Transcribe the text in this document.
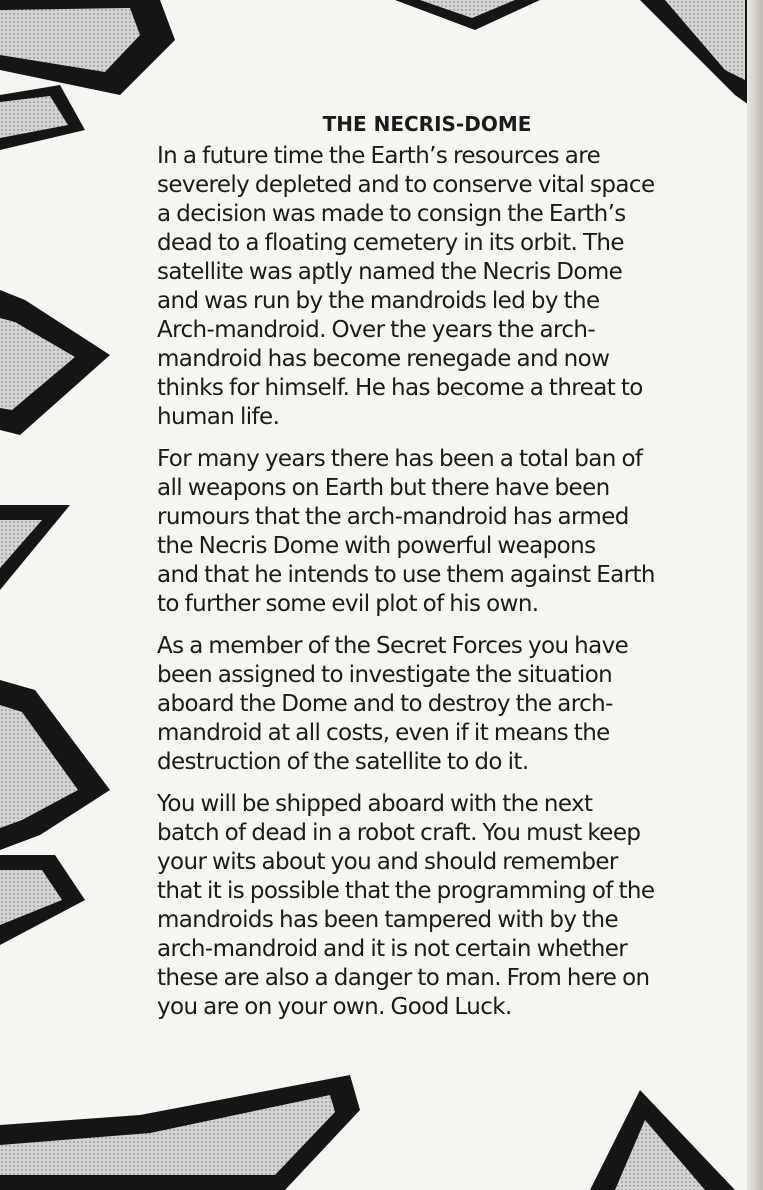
THE NECRIS-DOME

In a future time the Earth’s resources are
severely depleted and to conserve vital space
a decision was made to consign the Earth’s
dead to a floating cemetery in its orbit. The
satellite was aptly named the Necris Dome
and was run by the mandroids led by the
Arch-mandroid. Over the years the arch-
mandroid has become renegade and now
thinks for himself. He has become a threat to
human life.

For many years there has been a total ban of
all weapons on Earth but there have been
rumours that the arch-mandroid has armed
the Necris Dome with powerful weapons
and that he intends to use them against Earth
to further some evil plot of his own.

As a member of the Secret Forces you have
been assigned to investigate the situation
aboard the Dome and to destroy the arch-
mandroid at all costs, even if it means the
destruction of the satellite to do it.

You will be shipped aboard with the next
batch of dead in a robot craft. You must keep
your wits about you and should remember
that it is possible that the programming of the
mandroids has been tampered with by the
arch-mandroid and it is not certain whether
these are also a danger to man. From here on
you are on your own. Good Luck.
